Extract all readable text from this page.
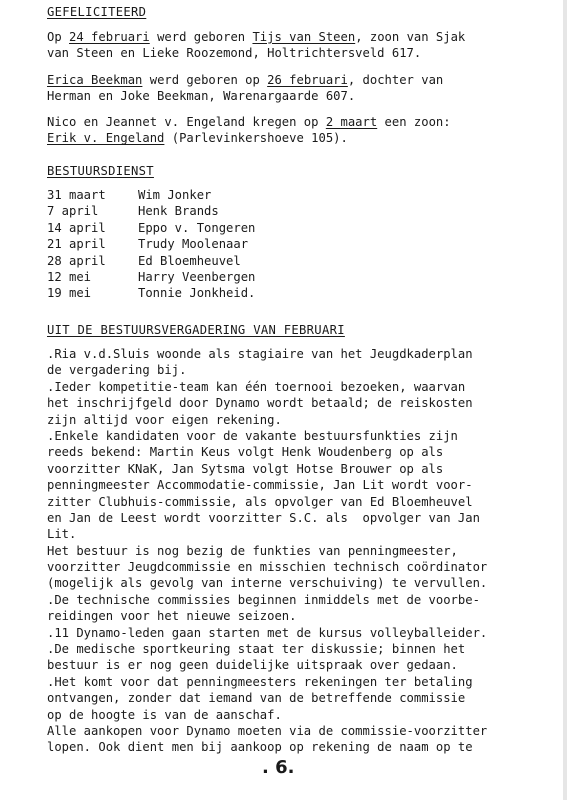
GEFELICITEERD

Op 24 februari werd geboren Tijs van Steen, zoon van Sjak
van Steen en Lieke Roozemond, Holtrichtersveld 617.

Erica Beekman werd geboren op 26 februari, dochter van
Herman en Joke Beekman, Warenargaarde 607.

Nico en Jeannet v. Engeland kregen op 2 maart een zoon:
Erik v. Engeland (Parlevinkershoeve 105).

BESTUURSDIENST
31 maart	Wim Jonker
7 april	Henk Brands
14 april	Eppo v. Tongeren
21 april	Trudy Moolenaar
28 april	Ed Bloemheuvel
12 mei	Harry Veenbergen
19 mei	Tonnie Jonkheid.
UIT DE BESTUURSVERGADERING VAN FEBRUARI
.Ria v.d.Sluis woonde als stagiaire van het Jeugdkaderplan
de vergadering bij.
.Ieder kompetitie-team kan één toernooi bezoeken, waarvan
het inschrijfgeld door Dynamo wordt betaald; de reiskosten
zijn altijd voor eigen rekening.
.Enkele kandidaten voor de vakante bestuursfunkties zijn
reeds bekend: Martin Keus volgt Henk Woudenberg op als
voorzitter KNaK, Jan Sytsma volgt Hotse Brouwer op als
penningmeester Accommodatie-commissie, Jan Lit wordt voor-
zitter Clubhuis-commissie, als opvolger van Ed Bloemheuvel
en Jan de Leest wordt voorzitter S.C. als  opvolger van Jan
Lit.
Het bestuur is nog bezig de funkties van penningmeester,
voorzitter Jeugdcommissie en misschien technisch coördinator
(mogelijk als gevolg van interne verschuiving) te vervullen.
.De technische commissies beginnen inmiddels met de voorbe-
reidingen voor het nieuwe seizoen.
.11 Dynamo-leden gaan starten met de kursus volleyballeider.
.De medische sportkeuring staat ter diskussie; binnen het
bestuur is er nog geen duidelijke uitspraak over gedaan.
.Het komt voor dat penningmeesters rekeningen ter betaling
ontvangen, zonder dat iemand van de betreffende commissie
op de hoogte is van de aanschaf.
Alle aankopen voor Dynamo moeten via de commissie-voorzitter
lopen. Ook dient men bij aankoop op rekening de naam op te
. 6.
